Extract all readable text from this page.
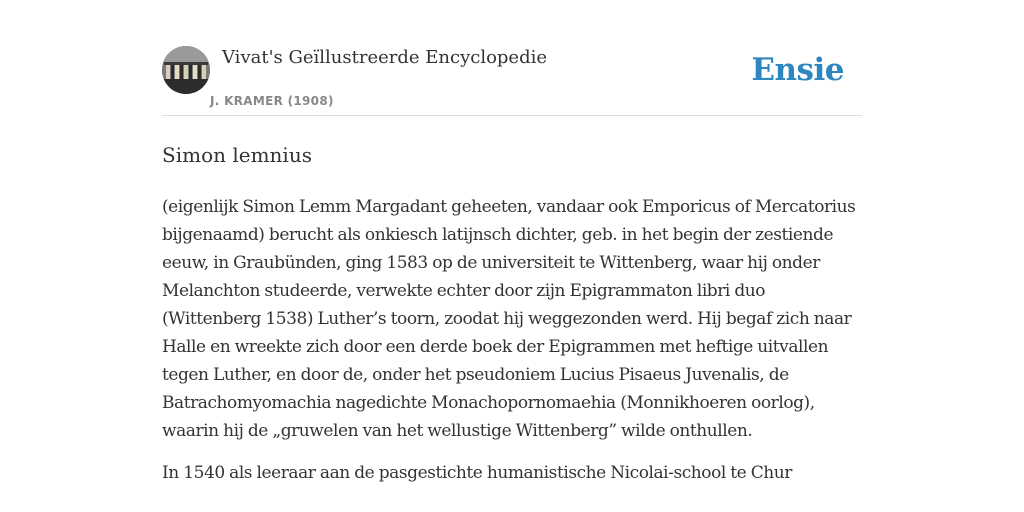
Vivat's Geïllustreerde Encyclopedie
J. KRAMER (1908)
Ensie
Simon lemnius

(eigenlijk Simon Lemm Margadant geheeten, vandaar ook Emporicus of Mercatorius bijgenaamd) berucht als onkiesch latijnsch dichter, geb. in het begin der zestiende eeuw, in Graubünden, ging 1583 op de universiteit te Wittenberg, waar hij onder Melanchton studeerde, verwekte echter door zijn Epigrammaton libri duo (Wittenberg 1538) Luther’s toorn, zoodat hij weggezonden werd. Hij begaf zich naar Halle en wreekte zich door een derde boek der Epigrammen met heftige uitvallen tegen Luther, en door de, onder het pseudoniem Lucius Pisaeus Juvenalis, de Batrachomyomachia nagedichte Monachopornomaehia (Monnikhoeren oorlog), waarin hij de „gruwelen van het wellustige Wittenberg” wilde onthullen.

In 1540 als leeraar aan de pasgestichte humanistische Nicolai-school te Chur
